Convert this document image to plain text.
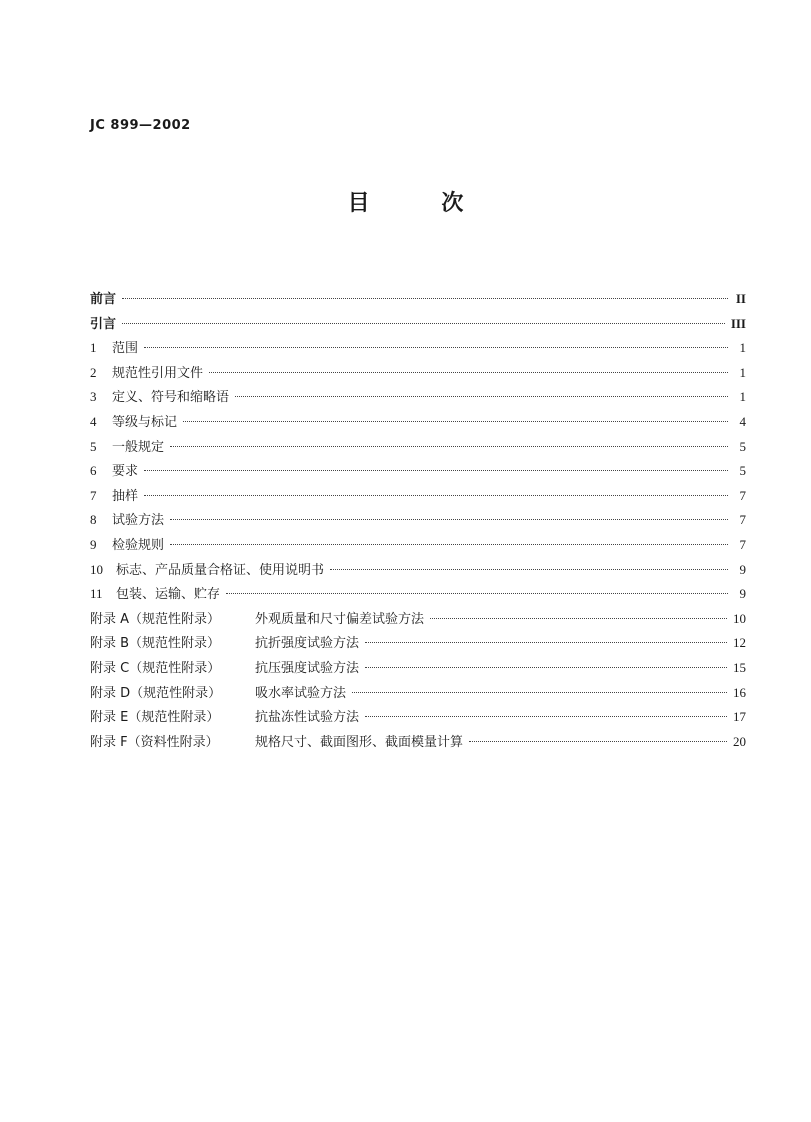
JC 899—2002
目 次
前言	II
引言	III
1	范围	1
2	规范性引用文件	1
3	定义、符号和缩略语	1
4	等级与标记	4
5	一般规定	5
6	要求	5
7	抽样	7
8	试验方法	7
9	检验规则	7
10	标志、产品质量合格证、使用说明书	9
11	包装、运输、贮存	9
附录 A（规范性附录）	外观质量和尺寸偏差试验方法	10
附录 B（规范性附录）	抗折强度试验方法	12
附录 C（规范性附录）	抗压强度试验方法	15
附录 D（规范性附录）	吸水率试验方法	16
附录 E（规范性附录）	抗盐冻性试验方法	17
附录 F（资料性附录）	规格尺寸、截面图形、截面模量计算	20
